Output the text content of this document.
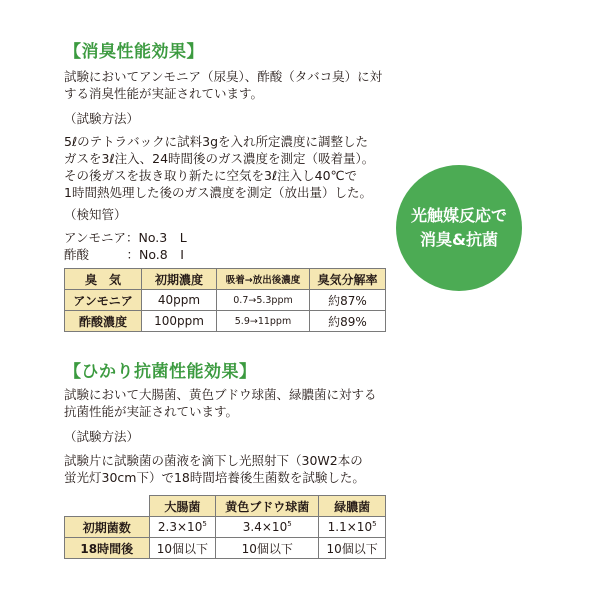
【消臭性能効果】
試験においてアンモニア（尿臭）、酢酸（タバコ臭）に対
する消臭性能が実証されています。
（試験方法）
5ℓのテトラバックに試料3gを入れ所定濃度に調整した
ガスを3ℓ注入、24時間後のガス濃度を測定（吸着量）。
その後ガスを抜き取り新たに空気を3ℓ注入し40℃で
1時間熱処理した後のガス濃度を測定（放出量）した。
（検知管）
アンモニア：No.3　L
酢酸　　　：No.8　I
臭　気	初期濃度	吸着→放出後濃度	臭気分解率
アンモニア	40ppm	0.7→5.3ppm	約87%
酢酸濃度	100ppm	5.9→11ppm	約89%
光触媒反応で
消臭&抗菌
【ひかり抗菌性能効果】
試験において大腸菌、黄色ブドウ球菌、緑膿菌に対する
抗菌性能が実証されています。
（試験方法）
試験片に試験菌の菌液を滴下し光照射下（30W2本の
蛍光灯30cm下）で18時間培養後生菌数を試験した。
	大腸菌	黄色ブドウ球菌	緑膿菌
初期菌数	$2.3\times 10^5$	$3.4\times 10^5$	$1.1\times 10^5$
18時間後	10個以下	10個以下	10個以下
